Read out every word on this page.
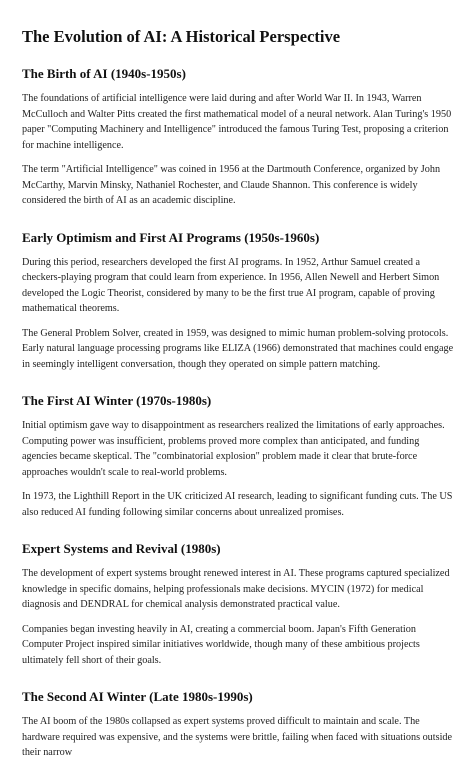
The Evolution of AI: A Historical Perspective
The Birth of AI (1940s-1950s)

The foundations of artificial intelligence were laid during and after World War II. In 1943, Warren McCulloch and Walter Pitts created the first mathematical model of a neural network. Alan Turing's 1950 paper "Computing Machinery and Intelligence" introduced the famous Turing Test, proposing a criterion for machine intelligence.

The term "Artificial Intelligence" was coined in 1956 at the Dartmouth Conference, organized by John McCarthy, Marvin Minsky, Nathaniel Rochester, and Claude Shannon. This conference is widely considered the birth of AI as an academic discipline.

Early Optimism and First AI Programs (1950s-1960s)

During this period, researchers developed the first AI programs. In 1952, Arthur Samuel created a checkers-playing program that could learn from experience. In 1956, Allen Newell and Herbert Simon developed the Logic Theorist, considered by many to be the first true AI program, capable of proving mathematical theorems.

The General Problem Solver, created in 1959, was designed to mimic human problem-solving protocols. Early natural language processing programs like ELIZA (1966) demonstrated that machines could engage in seemingly intelligent conversation, though they operated on simple pattern matching.

The First AI Winter (1970s-1980s)

Initial optimism gave way to disappointment as researchers realized the limitations of early approaches. Computing power was insufficient, problems proved more complex than anticipated, and funding agencies became skeptical. The "combinatorial explosion" problem made it clear that brute-force approaches wouldn't scale to real-world problems.

In 1973, the Lighthill Report in the UK criticized AI research, leading to significant funding cuts. The US also reduced AI funding following similar concerns about unrealized promises.

Expert Systems and Revival (1980s)

The development of expert systems brought renewed interest in AI. These programs captured specialized knowledge in specific domains, helping professionals make decisions. MYCIN (1972) for medical diagnosis and DENDRAL for chemical analysis demonstrated practical value.

Companies began investing heavily in AI, creating a commercial boom. Japan's Fifth Generation Computer Project inspired similar initiatives worldwide, though many of these ambitious projects ultimately fell short of their goals.

The Second AI Winter (Late 1980s-1990s)

The AI boom of the 1980s collapsed as expert systems proved difficult to maintain and scale. The hardware required was expensive, and the systems were brittle, failing when faced with situations outside their narrow
